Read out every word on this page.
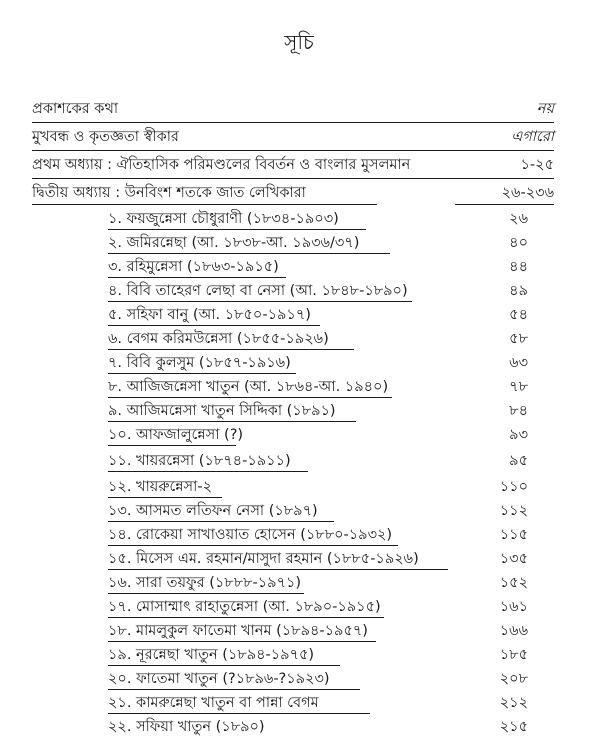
সূচি
প্রকাশকের কথা	নয়
মুখবন্ধ ও কৃতজ্ঞতা স্বীকার	এগারো
প্রথম অধ্যায় : ঐতিহাসিক পরিমণ্ডলের বিবর্তন ও বাংলার মুসলমান	১-২৫
দ্বিতীয় অধ্যায় : উনবিংশ শতকে জাত লেখিকারা	২৬-২৩৬
১. ফয়জুন্নেসা চৌধুরাণী (১৮৩৪-১৯০৩)	২৬
২. জমিরন্নেছা (আ. ১৮৩৮-আ. ১৯৩৬/৩৭)	৪০
৩. রহিমুন্নেসা (১৮৬৩-১৯১৫)	৪৪
৪. বিবি তাহেরণ লেছা বা নেসা (আ. ১৮৪৮-১৮৯০)	৪৯
৫. সহিফা বানু (আ. ১৮৫০-১৯১৭)	৫৪
৬. বেগম করিমউন্নেসা (১৮৫৫-১৯২৬)	৫৮
৭. বিবি কুলসুম (১৮৫৭-১৯১৬)	৬৩
৮. আজিজন্নেসা খাতুন (আ. ১৮৬৪-আ. ১৯৪০)	৭৮
৯. আজিমন্নেসা খাতুন সিদ্দিকা (১৮৯১)	৮৪
১০. আফজালুন্নেসা (?)	৯৩
১১. খায়রন্নেসা (১৮৭৪-১৯১১)	৯৫
১২. খায়রুন্নেসা-২	১১০
১৩. আসমত লতিফন নেসা (১৮৯৭)	১১২
১৪. রোকেয়া সাখাওয়াত হোসেন (১৮৮০-১৯৩২)	১১৫
১৫. মিসেস এম. রহমান/মাসুদা রহমান (১৮৮৫-১৯২৬)	১৩৫
১৬. সারা তয়ফুর (১৮৮৮-১৯৭১)	১৫২
১৭. মোসাম্মাৎ রাহাতুন্নেসা (আ. ১৮৯০-১৯১৫)	১৬১
১৮. মামলুকুল ফাতেমা খানম (১৮৯৪-১৯৫৭)	১৬৬
১৯. নূরন্নেছা খাতুন (১৮৯৪-১৯৭৫)	১৮৫
২০. ফাতেমা খাতুন (?১৮৯৬-?১৯২৩)	২০৮
২১. কামরুন্নেছা খাতুন বা পান্না বেগম	২১২
২২. সফিয়া খাতুন (১৮৯০)	২১৫
